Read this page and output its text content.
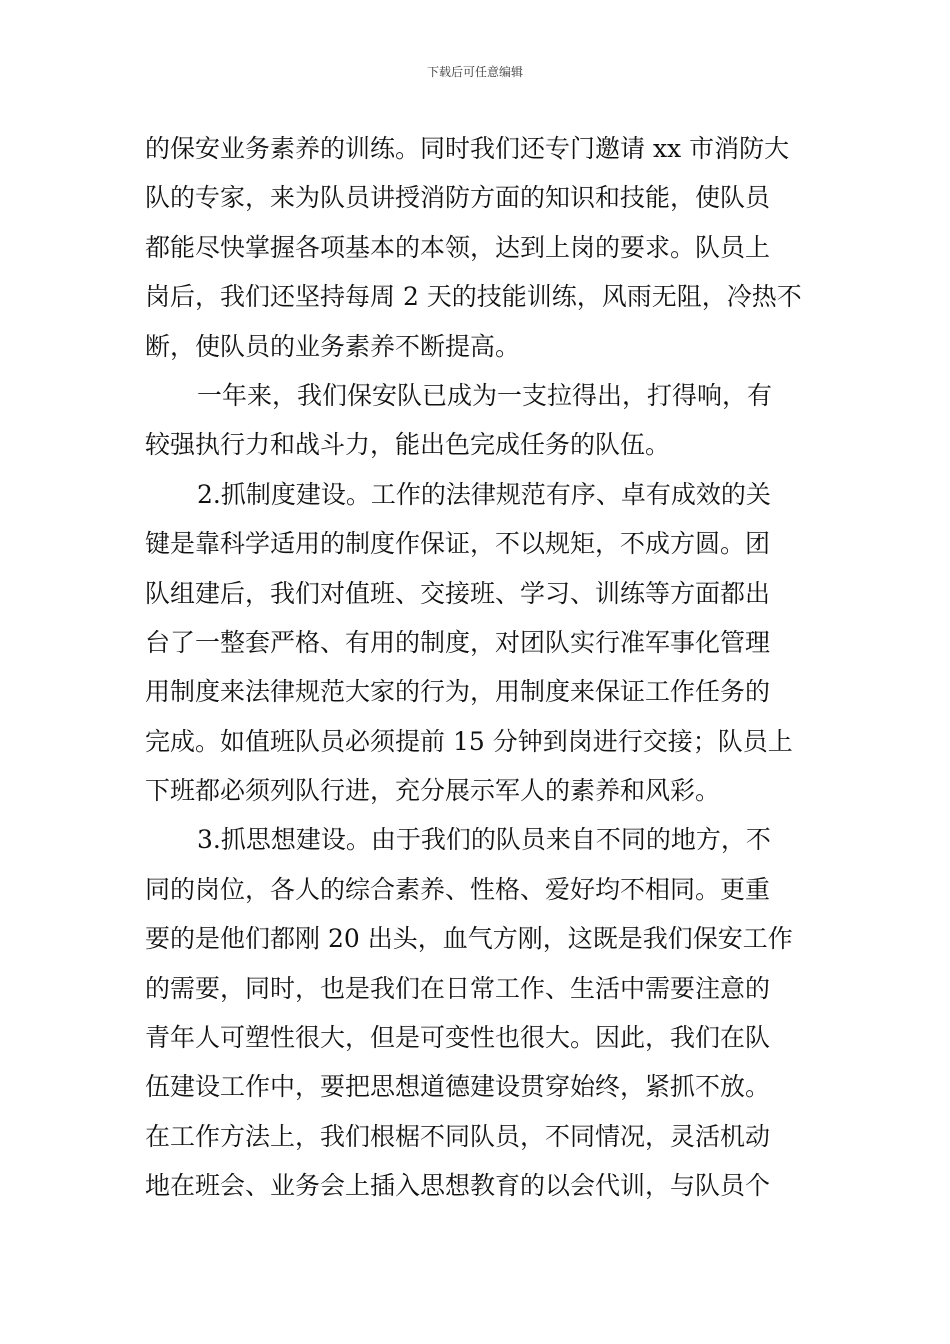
下载后可任意编辑
的保安业务素养的训练。同时我们还专门邀请 xx 市消防大
队的专家，来为队员讲授消防方面的知识和技能，使队员
都能尽快掌握各项基本的本领，达到上岗的要求。队员上
岗后，我们还坚持每周 2 天的技能训练，风雨无阻，冷热不
断，使队员的业务素养不断提高。
一年来，我们保安队已成为一支拉得出，打得响，有
较强执行力和战斗力，能出色完成任务的队伍。
2.抓制度建设。工作的法律规范有序、卓有成效的关
键是靠科学适用的制度作保证，不以规矩，不成方圆。团
队组建后，我们对值班、交接班、学习、训练等方面都出
台了一整套严格、有用的制度，对团队实行准军事化管理
用制度来法律规范大家的行为，用制度来保证工作任务的
完成。如值班队员必须提前 15 分钟到岗进行交接；队员上
下班都必须列队行进，充分展示军人的素养和风彩。
3.抓思想建设。由于我们的队员来自不同的地方，不
同的岗位，各人的综合素养、性格、爱好均不相同。更重
要的是他们都刚 20 出头，血气方刚，这既是我们保安工作
的需要，同时，也是我们在日常工作、生活中需要注意的
青年人可塑性很大，但是可变性也很大。因此，我们在队
伍建设工作中，要把思想道德建设贯穿始终，紧抓不放。
在工作方法上，我们根椐不同队员，不同情况，灵活机动
地在班会、业务会上插入思想教育的以会代训，与队员个
